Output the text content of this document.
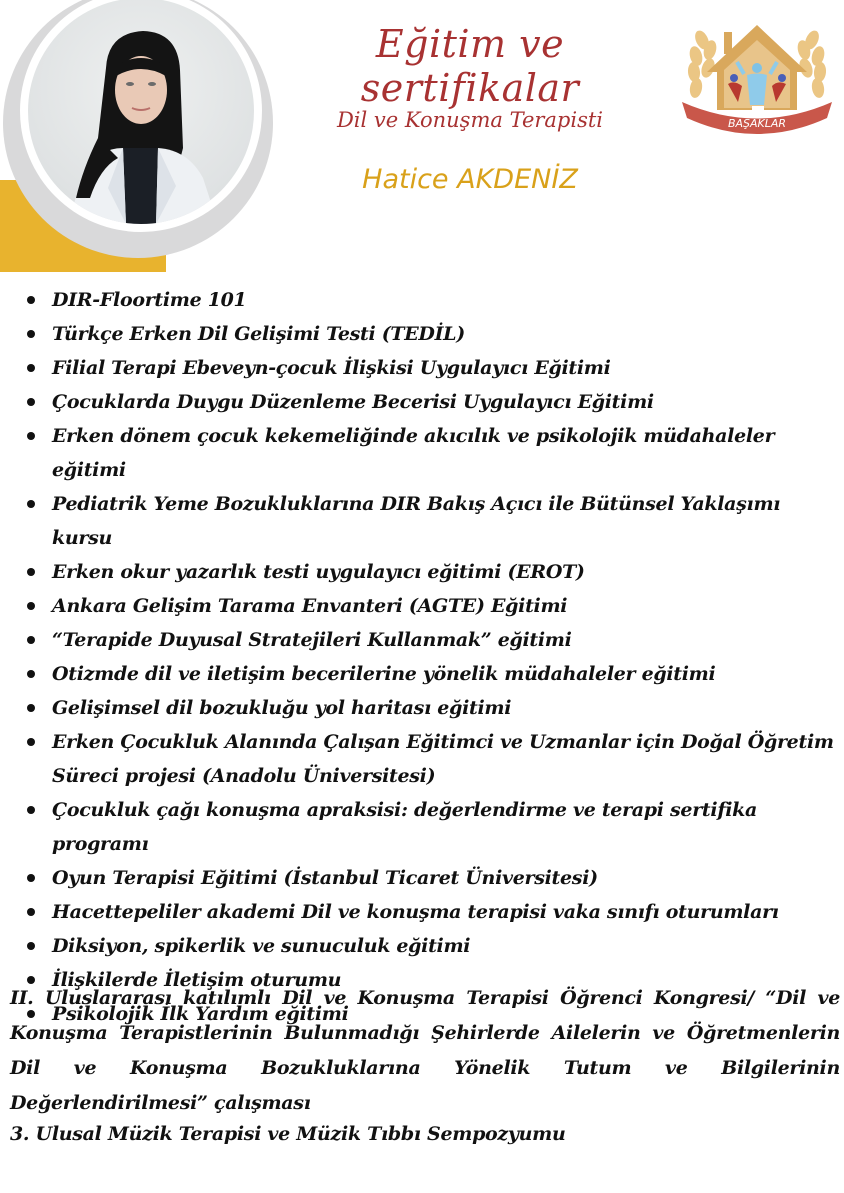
Eğitim ve sertifikalar
Dil ve Konuşma Terapisti
Hatice AKDENİZ
BAŞAKLAR
DIR-Floortime 101
Türkçe Erken Dil Gelişimi Testi (TEDİL)
Filial Terapi Ebeveyn-çocuk İlişkisi Uygulayıcı Eğitimi
Çocuklarda Duygu Düzenleme Becerisi Uygulayıcı Eğitimi
Erken dönem çocuk kekemeliğinde akıcılık ve psikolojik müdahaleler eğitimi
Pediatrik Yeme Bozukluklarına DIR Bakış Açıcı ile Bütünsel Yaklaşımı kursu
Erken okur yazarlık testi uygulayıcı eğitimi (EROT)
Ankara Gelişim Tarama Envanteri (AGTE) Eğitimi
“Terapide Duyusal Stratejileri Kullanmak” eğitimi
Otizmde dil ve iletişim becerilerine yönelik müdahaleler eğitimi
Gelişimsel dil bozukluğu yol haritası eğitimi
Erken Çocukluk Alanında Çalışan Eğitimci ve Uzmanlar için Doğal Öğretim Süreci projesi (Anadolu Üniversitesi)
Çocukluk çağı konuşma apraksisi: değerlendirme ve terapi sertifika programı
Oyun Terapisi Eğitimi (İstanbul Ticaret Üniversitesi)
Hacettepeliler akademi Dil ve konuşma terapisi vaka sınıfı oturumları
Diksiyon, spikerlik ve sunuculuk eğitimi
İlişkilerde İletişim oturumu
Psikolojik İlk Yardım eğitimi

II. Uluslararası katılımlı Dil ve Konuşma Terapisi Öğrenci Kongresi/ “Dil ve Konuşma Terapistlerinin Bulunmadığı Şehirlerde Ailelerin ve Öğretmenlerin Dil ve Konuşma Bozukluklarına Yönelik Tutum ve Bilgilerinin Değerlendirilmesi” çalışması

3. Ulusal Müzik Terapisi ve Müzik Tıbbı Sempozyumu
